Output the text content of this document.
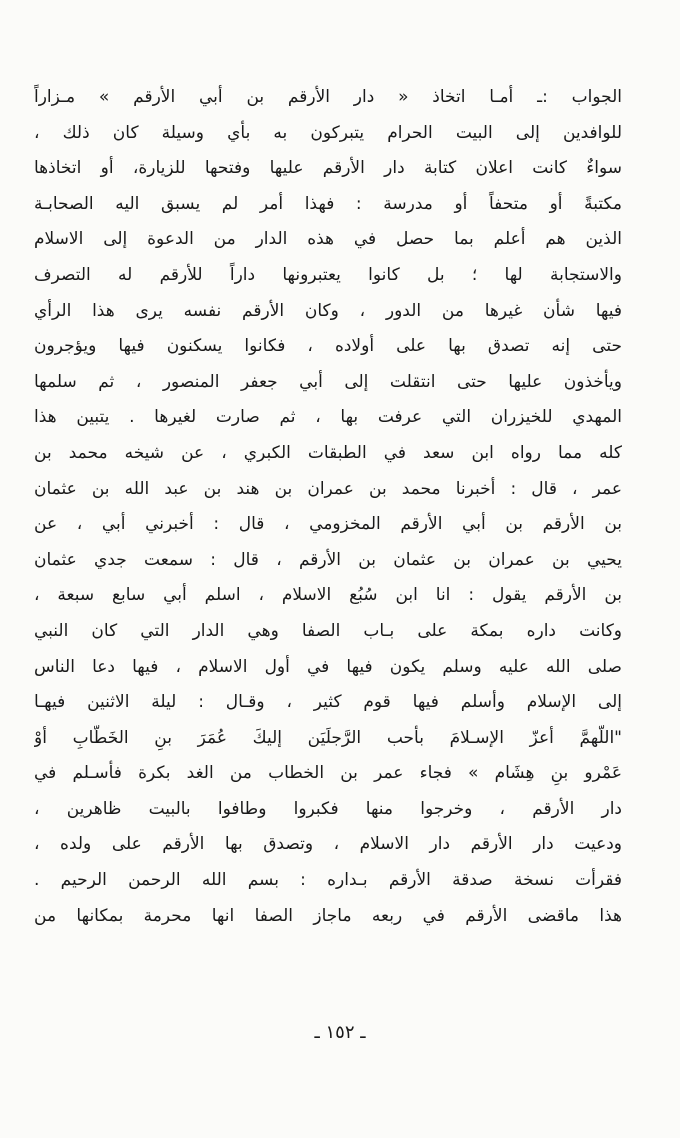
الجواب :ـ أمـا اتخاذ « دار الأرقم بن أبي الأرقم » مـزاراً
للوافدين إلى البيت الحرام يتبركون به بأي وسيلة كان ذلك ،
سواءٌ كانت اعلان كتابة دار الأرقم عليها وفتحها للزيارة، أو اتخاذها
مكتبةً أو متحفاً أو مدرسة : فهذا أمر لم يسبق اليه الصحابـة
الذين هم أعلم بما حصل في هذه الدار من الدعوة إلى الاسلام
والاستجابة لها ؛ بل كانوا يعتبرونها داراً للأرقم له التصرف
فيها شأن غيرها من الدور ، وكان الأرقم نفسه يرى هذا الرأي
حتى إنه تصدق بها على أولاده ، فكانوا يسكنون فيها ويؤجرون
ويأخذون عليها حتى انتقلت إلى أبي جعفر المنصور ، ثم سلمها
المهدي للخيزران التي عرفت بها ، ثم صارت لغيرها . يتبين هذا
كله مما رواه ابن سعد في الطبقات الكبري ، عن شيخه محمد بن
عمر ، قال : أخبرنا محمد بن عمران بن هند بن عبد الله بن عثمان
بن الأرقم بن أبي الأرقم المخزومي ، قال : أخبرني أبي ، عن
يحيي بن عمران بن عثمان بن الأرقم ، قال : سمعت جدي عثمان
بن الأرقم يقول : انا ابن سُبُع الاسلام ، اسلم أبي سابع سبعة ،
وكانت داره بمكة على بـاب الصفا وهي الدار التي كان النبي
صلى الله عليه وسلم يكون فيها في أول الاسلام ، فيها دعا الناس
إلى الإسلام وأسلم فيها قوم كثير ، وقـال : ليلة الاثنين فيهـا
"اللّهمَّ أعزّ الإسـلامَ بأحب الرَّجلَيَن إليكَ عُمَرَ بنِ الخَطّابِ أوْ
عَمْرو بنِ هِشَام » فجاء عمر بن الخطاب من الغد بكرة فأسـلم في
دار الأرقم ، وخرجوا منها فكبروا وطافوا بالبيت ظاهرين ،
ودعيت دار الأرقم دار الاسلام ، وتصدق بها الأرقم على ولده ،
فقرأت نسخة صدقة الأرقم بـداره : بسم الله الرحمن الرحيم .
هذا ماقضى الأرقم في ربعه ماجاز الصفا انها محرمة بمكانها من
ـ ١٥٢ ـ
